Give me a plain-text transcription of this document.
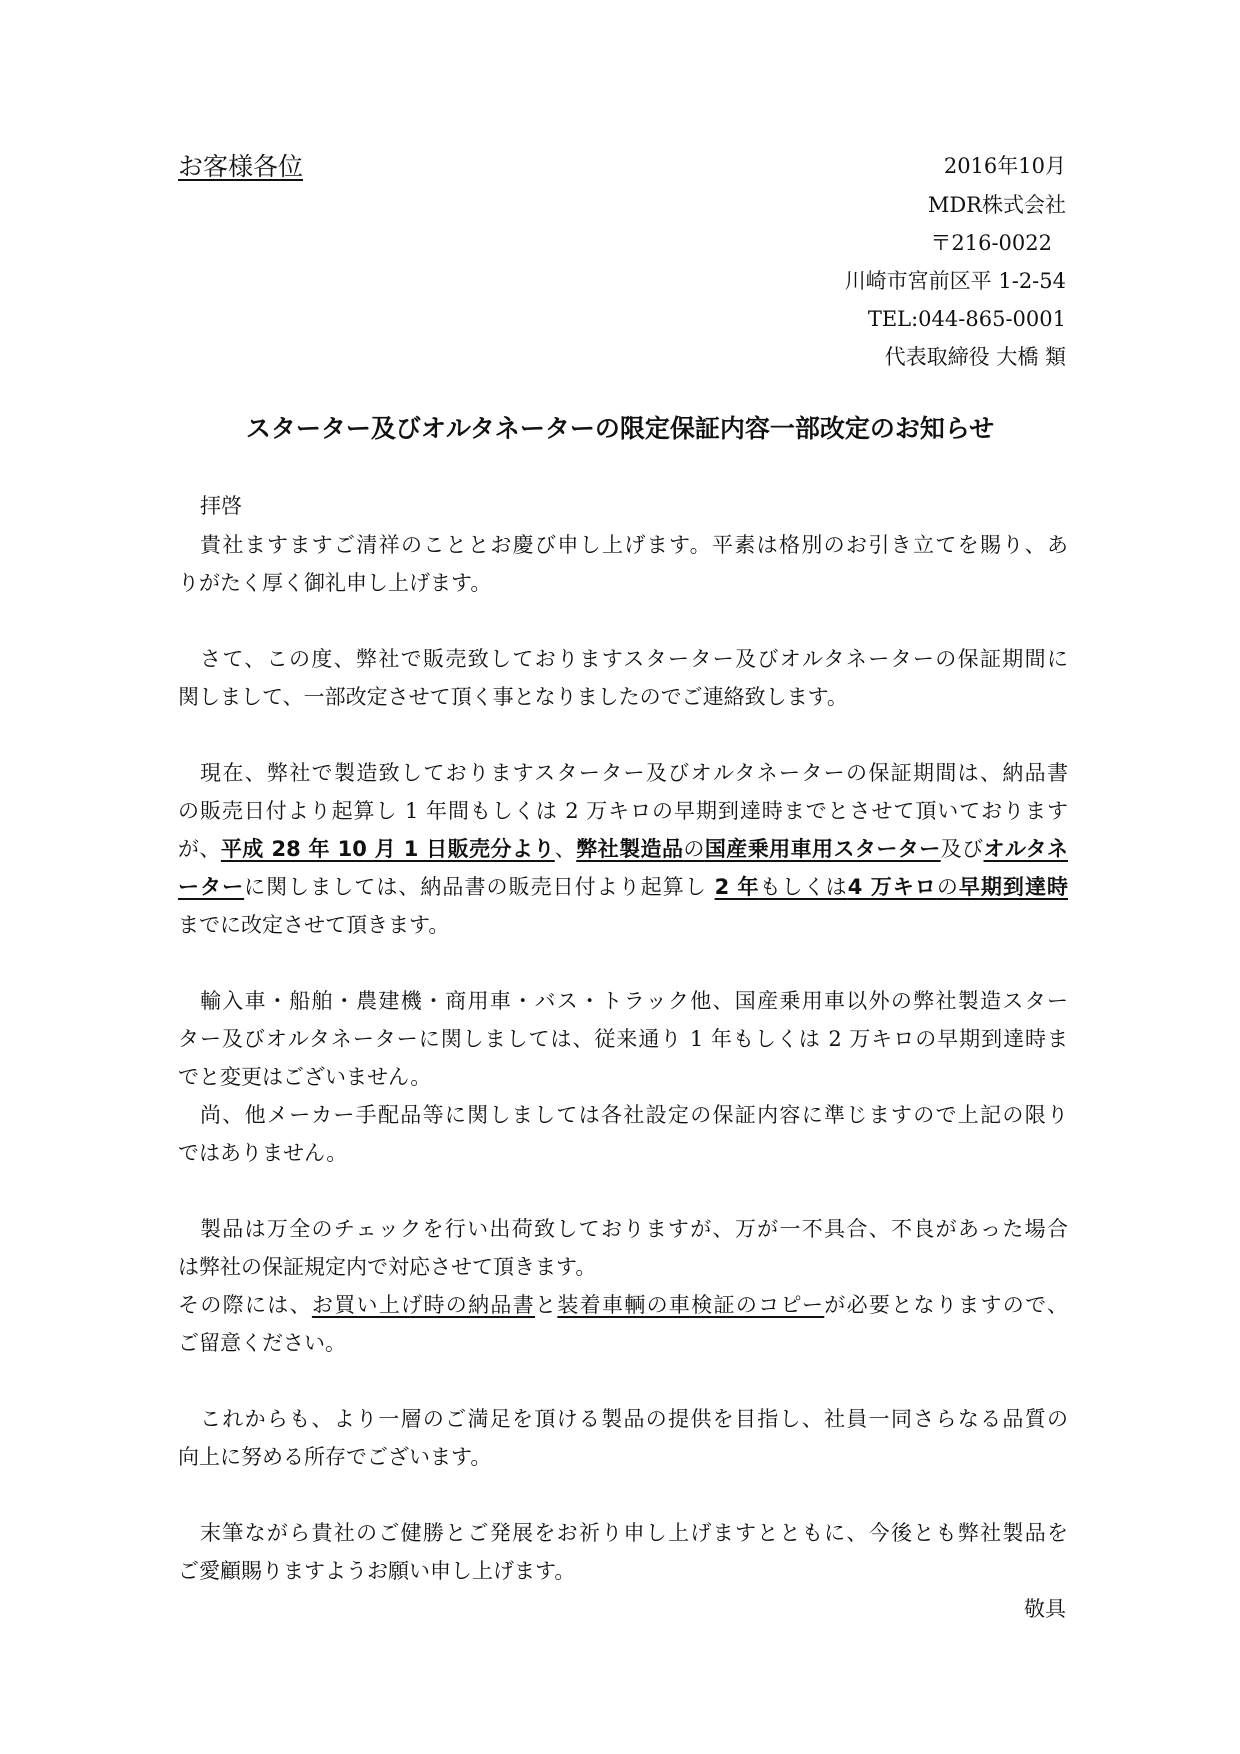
お客様各位	2016年10月
MDR株式会社
〒216-0022
川崎市宮前区平 1-2-54
TEL:044-865-0001
代表取締役 大橋 類
スターター及びオルタネーターの限定保証内容一部改定のお知らせ
拝啓
貴社ますますご清祥のこととお慶び申し上げます。平素は格別のお引き立てを賜り、あ
りがたく厚く御礼申し上げます。
さて、この度、弊社で販売致しておりますスターター及びオルタネーターの保証期間に
関しまして、一部改定させて頂く事となりましたのでご連絡致します。
現在、弊社で製造致しておりますスターター及びオルタネーターの保証期間は、納品書
の販売日付より起算し 1 年間もしくは 2 万キロの早期到達時までとさせて頂いております
が、平成 28 年 10 月 1 日販売分より、弊社製造品の国産乗用車用スターター及びオルタネ
ーターに関しましては、納品書の販売日付より起算し 2 年もしくは4 万キロの早期到達時
までに改定させて頂きます。
輸入車・船舶・農建機・商用車・バス・トラック他、国産乗用車以外の弊社製造スター
ター及びオルタネーターに関しましては、従来通り 1 年もしくは 2 万キロの早期到達時ま
でと変更はございません。
尚、他メーカー手配品等に関しましては各社設定の保証内容に準じますので上記の限り
ではありません。
製品は万全のチェックを行い出荷致しておりますが、万が一不具合、不良があった場合
は弊社の保証規定内で対応させて頂きます。
その際には、お買い上げ時の納品書と装着車輌の車検証のコピーが必要となりますので、
ご留意ください。
これからも、より一層のご満足を頂ける製品の提供を目指し、社員一同さらなる品質の
向上に努める所存でございます。
末筆ながら貴社のご健勝とご発展をお祈り申し上げますとともに、今後とも弊社製品を
ご愛顧賜りますようお願い申し上げます。
敬具
